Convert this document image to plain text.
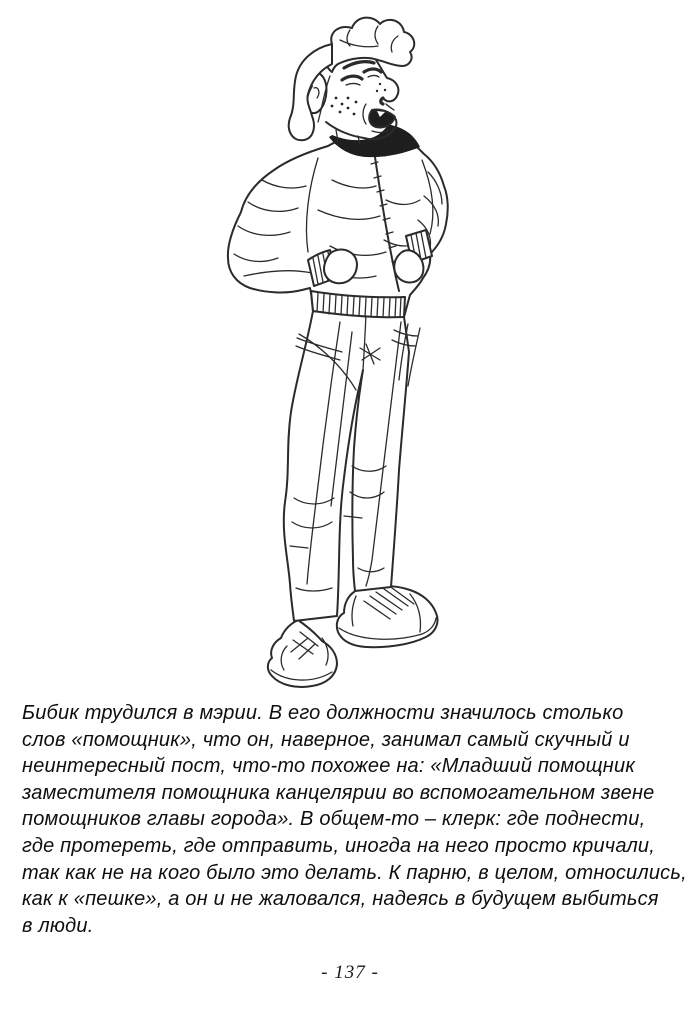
Бибик трудился в мэрии. В его должности значилось столько
слов «помощник», что он, наверное, занимал самый скучный и
неинтересный пост, что-то похожее на: «Младший помощник
заместителя помощника канцелярии во вспомогательном звене
помощников главы города». В общем-то – клерк: где поднести,
где протереть, где отправить, иногда на него просто кричали,
так как не на кого было это делать. К парню, в целом, относились,
как к «пешке», а он и не жаловался, надеясь в будущем выбиться
в люди.
- 137 -
